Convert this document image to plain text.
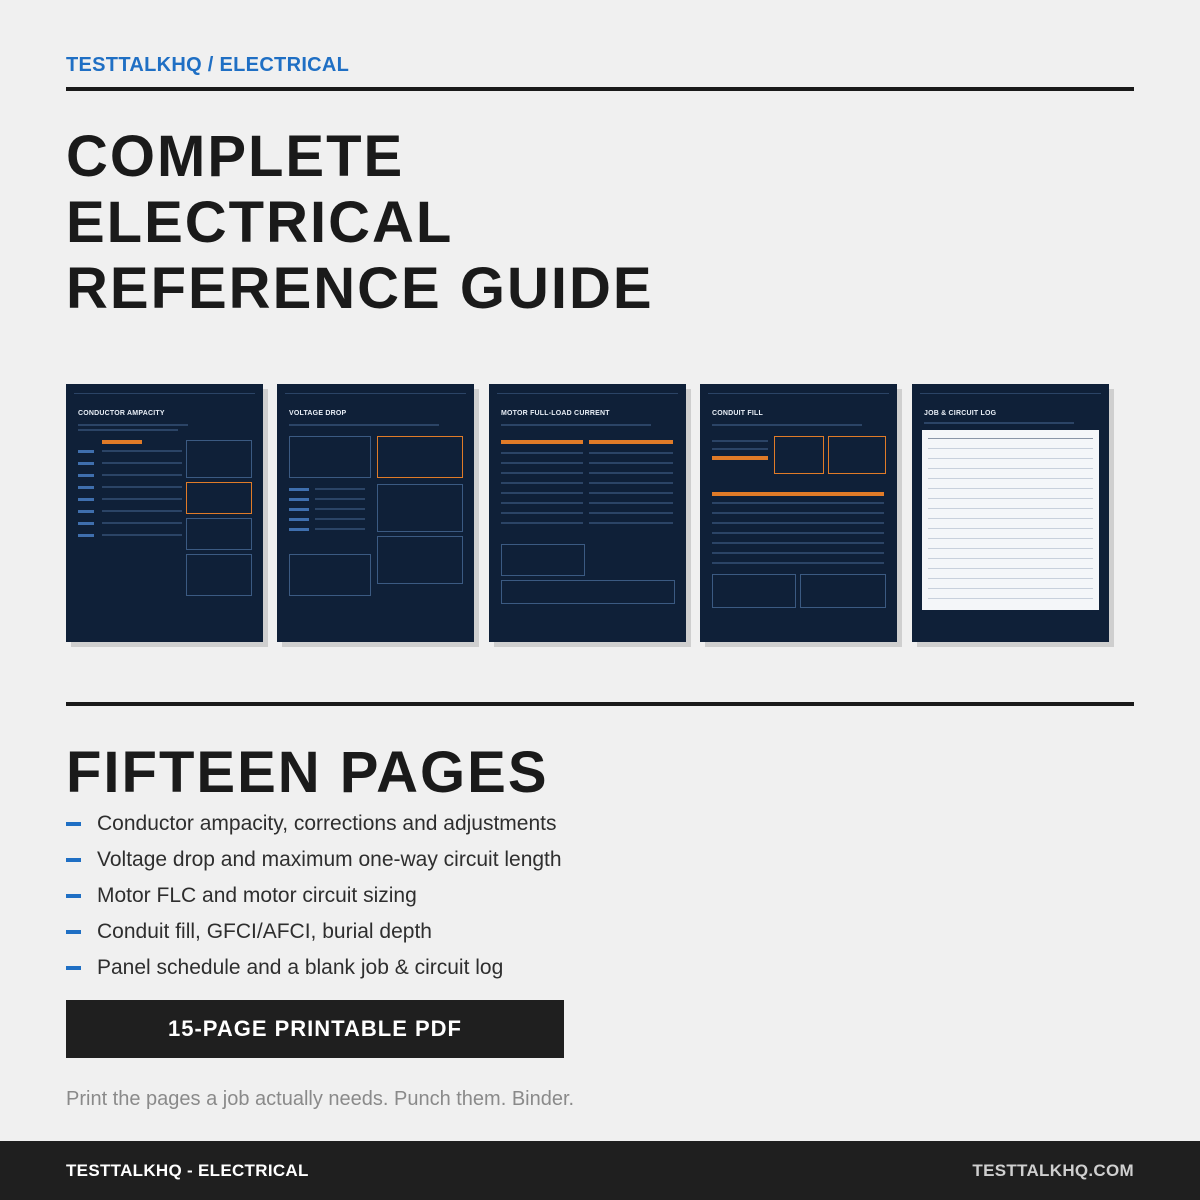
TESTTALKHQ / ELECTRICAL
COMPLETE
ELECTRICAL
REFERENCE GUIDE
CONDUCTOR AMPACITY	VOLTAGE DROP	MOTOR FULL-LOAD CURRENT	CONDUIT FILL	JOB & CIRCUIT LOG
FIFTEEN PAGES
Conductor ampacity, corrections and adjustments
Voltage drop and maximum one-way circuit length
Motor FLC and motor circuit sizing
Conduit fill, GFCI/AFCI, burial depth
Panel schedule and a blank job & circuit log
15-PAGE PRINTABLE PDF
Print the pages a job actually needs. Punch them. Binder.
TESTTALKHQ - ELECTRICAL	TESTTALKHQ.COM
